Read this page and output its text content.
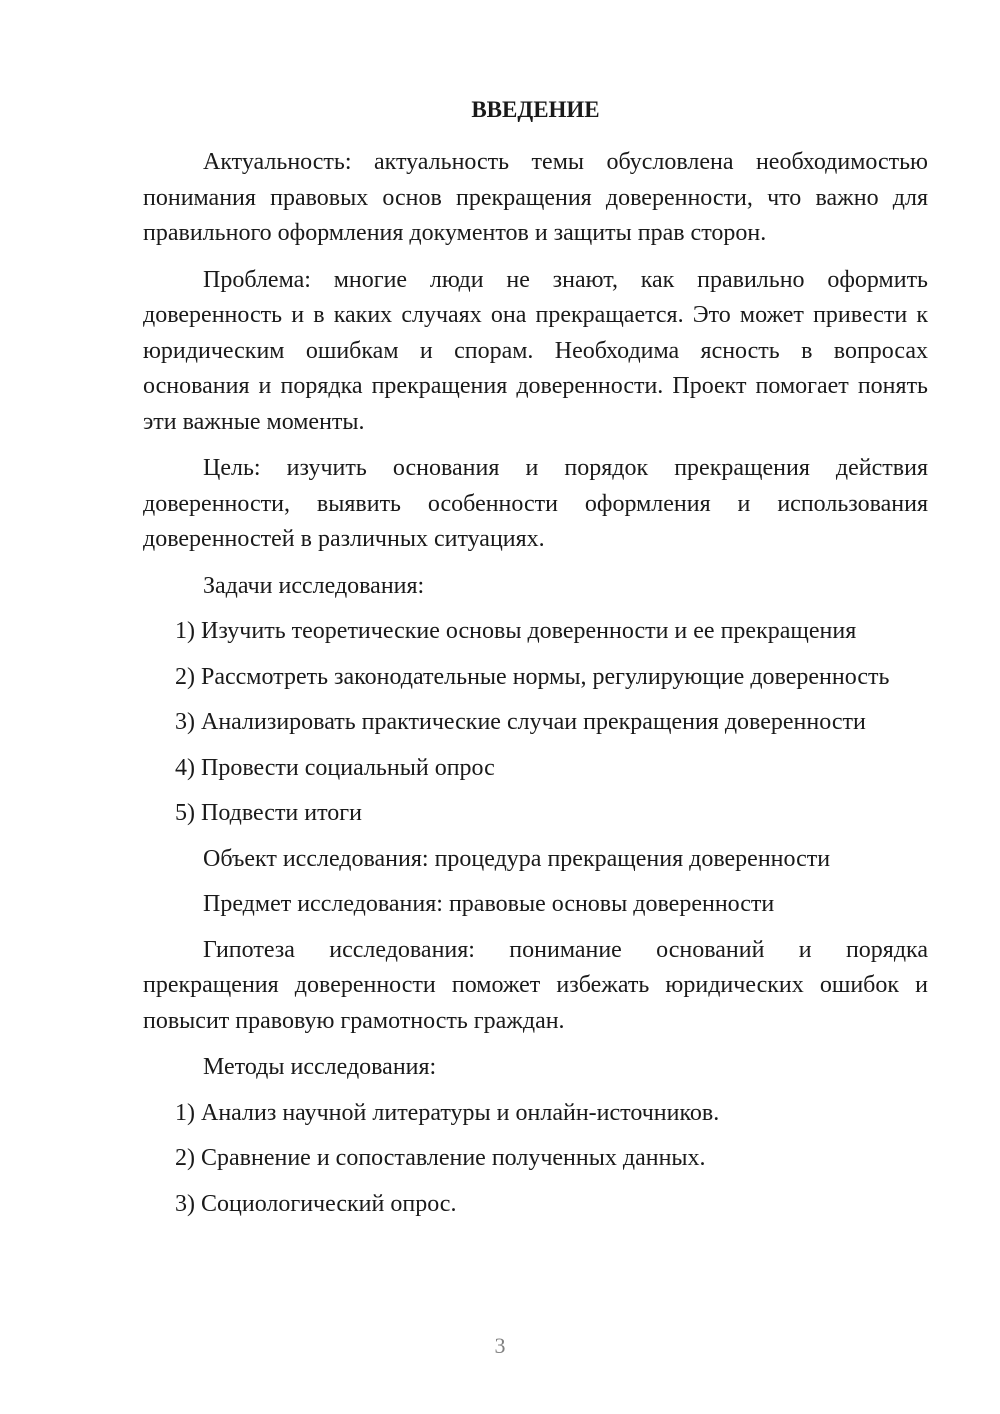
ВВЕДЕНИЕ

Актуальность: актуальность темы обусловлена необходимостью понимания правовых основ прекращения доверенности, что важно для правильного оформления документов и защиты прав сторон.

Проблема: многие люди не знают, как правильно оформить доверенность и в каких случаях она прекращается. Это может привести к юридическим ошибкам и спорам. Необходима ясность в вопросах основания и порядка прекращения доверенности. Проект помогает понять эти важные моменты.

Цель: изучить основания и порядок прекращения действия доверенности, выявить особенности оформления и использования доверенностей в различных ситуациях.

Задачи исследования:
1) Изучить теоретические основы доверенности и ее прекращения
2) Рассмотреть законодательные нормы, регулирующие доверенность
3) Анализировать практические случаи прекращения доверенности
4) Провести социальный опрос
5) Подвести итоги
Объект исследования: процедура прекращения доверенности
Предмет исследования: правовые основы доверенности

Гипотеза исследования: понимание оснований и порядка прекращения доверенности поможет избежать юридических ошибок и повысит правовую грамотность граждан.

Методы исследования:
1) Анализ научной литературы и онлайн-источников.
2) Сравнение и сопоставление полученных данных.
3) Социологический опрос.
3
